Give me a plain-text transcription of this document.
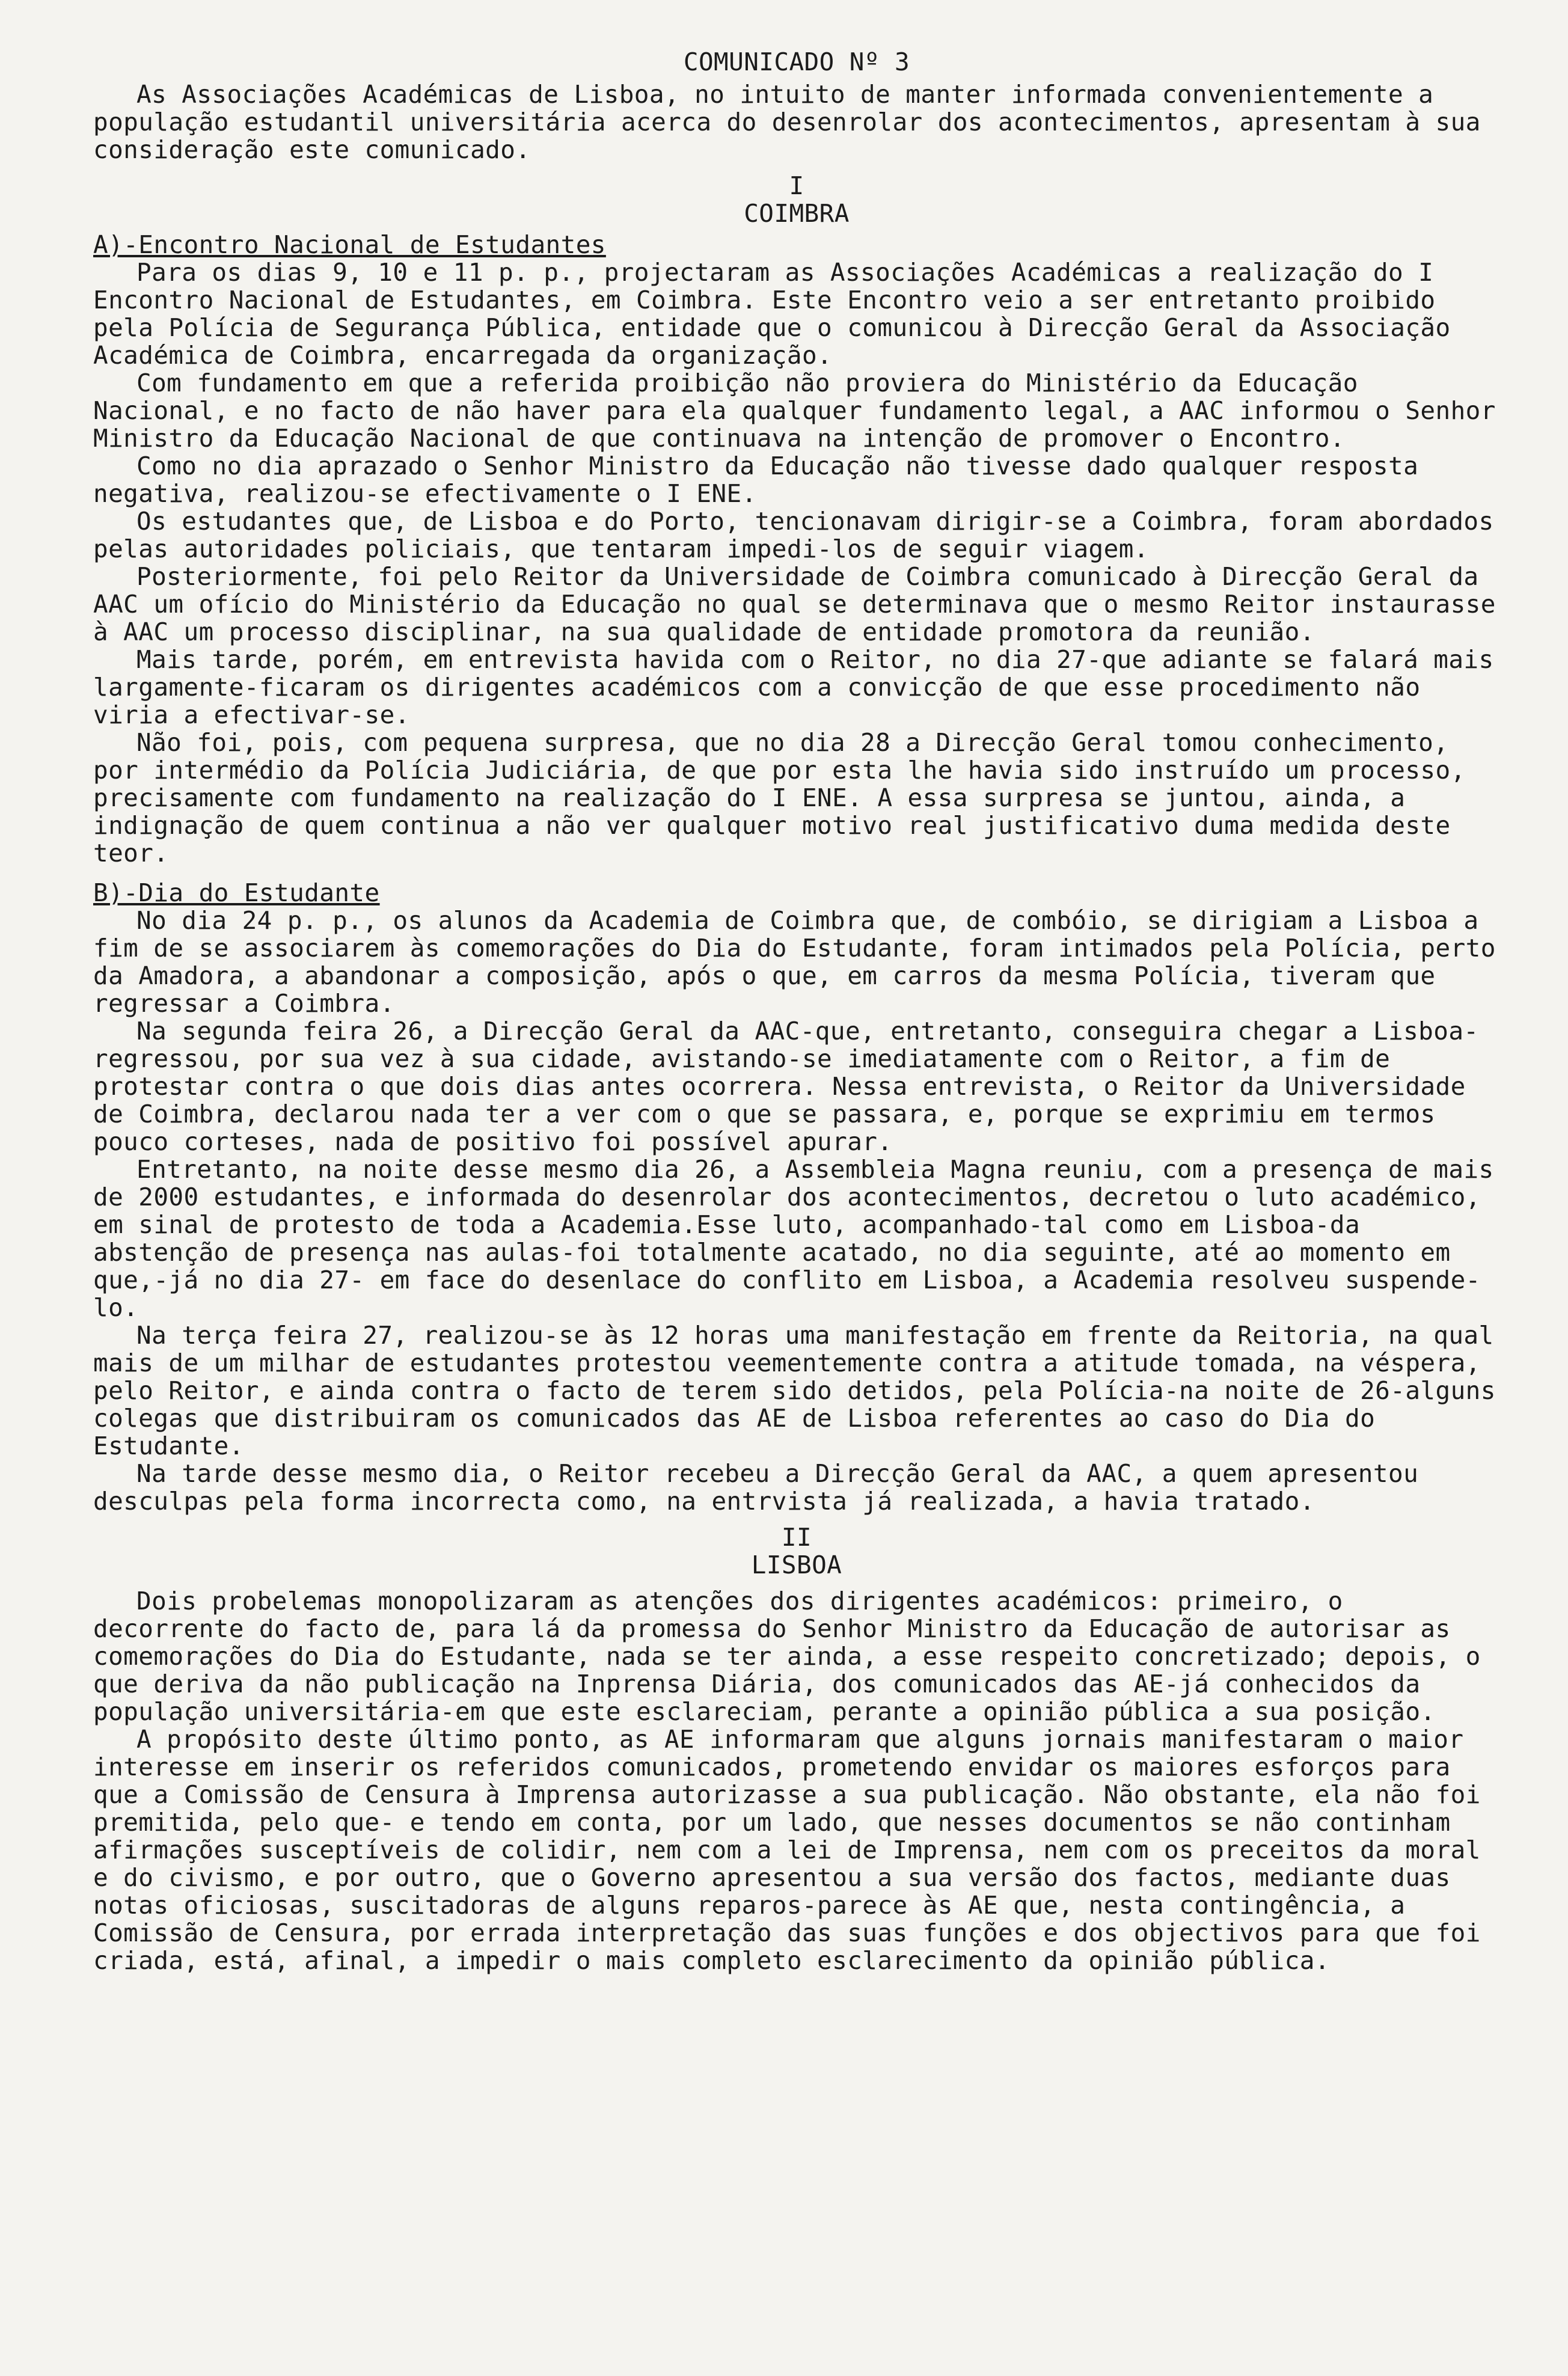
COMUNICADO Nº 3

As Associações Académicas de Lisboa, no intuito de manter informada convenientemente a população estudantil universitária acerca do desenrolar dos acontecimentos, apresentam à sua consideração este comunicado.

I

COIMBRA

A)-Encontro Nacional de Estudantes

Para os dias 9, 10 e 11 p. p., projectaram as Associações Académicas a realização do I Encontro Nacional de Estudantes, em Coimbra. Este Encontro veio a ser entretanto proibido pela Polícia de Segurança Pública, entidade que o comunicou à Direcção Geral da Associação Académica de Coimbra, encarregada da organização.

Com fundamento em que a referida proibição não proviera do Ministério da Educação Nacional, e no facto de não haver para ela qualquer fundamento legal, a AAC informou o Senhor Ministro da Educação Nacional de que continuava na intenção de promover o Encontro.

Como no dia aprazado o Senhor Ministro da Educação não tivesse dado qualquer resposta negativa, realizou-se efectivamente o I ENE.

Os estudantes que, de Lisboa e do Porto, tencionavam dirigir-se a Coimbra, foram abordados pelas autoridades policiais, que tentaram impedi-los de seguir viagem.

Posteriormente, foi pelo Reitor da Universidade de Coimbra comunicado à Direcção Geral da AAC um ofício do Ministério da Educação no qual se determinava que o mesmo Reitor instaurasse à AAC um processo disciplinar, na sua qualidade de entidade promotora da reunião.

Mais tarde, porém, em entrevista havida com o Reitor, no dia 27-que adiante se falará mais largamente-ficaram os dirigentes académicos com a convicção de que esse procedimento não viria a efectivar-se.

Não foi, pois, com pequena surpresa, que no dia 28 a Direcção Geral tomou conhecimento, por intermédio da Polícia Judiciária, de que por esta lhe havia sido instruído um processo, precisamente com fundamento na realização do I ENE. A essa surpresa se juntou, ainda, a indignação de quem continua a não ver qualquer motivo real justificativo duma medida deste teor.

B)-Dia do Estudante

No dia 24 p. p., os alunos da Academia de Coimbra que, de combóio, se dirigiam a Lisboa a fim de se associarem às comemorações do Dia do Estudante, foram intimados pela Polícia, perto da Amadora, a abandonar a composição, após o que, em carros da mesma Polícia, tiveram que regressar a Coimbra.

Na segunda feira 26, a Direcção Geral da AAC-que, entretanto, conseguira chegar a Lisboa-regressou, por sua vez à sua cidade, avistando-se imediatamente com o Reitor, a fim de protestar contra o que dois dias antes ocorrera. Nessa entrevista, o Reitor da Universidade de Coimbra, declarou nada ter a ver com o que se passara, e, porque se exprimiu em termos pouco corteses, nada de positivo foi possível apurar.

Entretanto, na noite desse mesmo dia 26, a Assembleia Magna reuniu, com a presença de mais de 2000 estudantes, e informada do desenrolar dos acontecimentos, decretou o luto académico, em sinal de protesto de toda a Academia.Esse luto, acompanhado-tal como em Lisboa-da abstenção de presença nas aulas-foi totalmente acatado, no dia seguinte, até ao momento em que,-já no dia 27- em face do desenlace do conflito em Lisboa, a Academia resolveu suspende-lo.

Na terça feira 27, realizou-se às 12 horas uma manifestação em frente da Reitoria, na qual mais de um milhar de estudantes protestou veementemente contra a atitude tomada, na véspera, pelo Reitor, e ainda contra o facto de terem sido detidos, pela Polícia-na noite de 26-alguns colegas que distribuiram os comunicados das AE de Lisboa referentes ao caso do Dia do Estudante.

Na tarde desse mesmo dia, o Reitor recebeu a Direcção Geral da AAC, a quem apresentou desculpas pela forma incorrecta como, na entrvista já realizada, a havia tratado.

II

LISBOA

Dois probelemas monopolizaram as atenções dos dirigentes académicos: primeiro, o decorrente do facto de, para lá da promessa do Senhor Ministro da Educação de autorisar as comemorações do Dia do Estudante, nada se ter ainda, a esse respeito concretizado; depois, o que deriva da não publicação na Inprensa Diária, dos comunicados das AE-já conhecidos da população universitária-em que este esclareciam, perante a opinião pública a sua posição.

A propósito deste último ponto, as AE informaram que alguns jornais manifestaram o maior interesse em inserir os referidos comunicados, prometendo envidar os maiores esforços para que a Comissão de Censura à Imprensa autorizasse a sua publicação. Não obstante, ela não foi premitida, pelo que- e tendo em conta, por um lado, que nesses documentos se não continham afirmações susceptíveis de colidir, nem com a lei de Imprensa, nem com os preceitos da moral e do civismo, e por outro, que o Governo apresentou a sua versão dos factos, mediante duas notas oficiosas, suscitadoras de alguns reparos-parece às AE que, nesta contingência, a Comissão de Censura, por errada interpretação das suas funções e dos objectivos para que foi criada, está, afinal, a impedir o mais completo esclarecimento da opinião pública.
